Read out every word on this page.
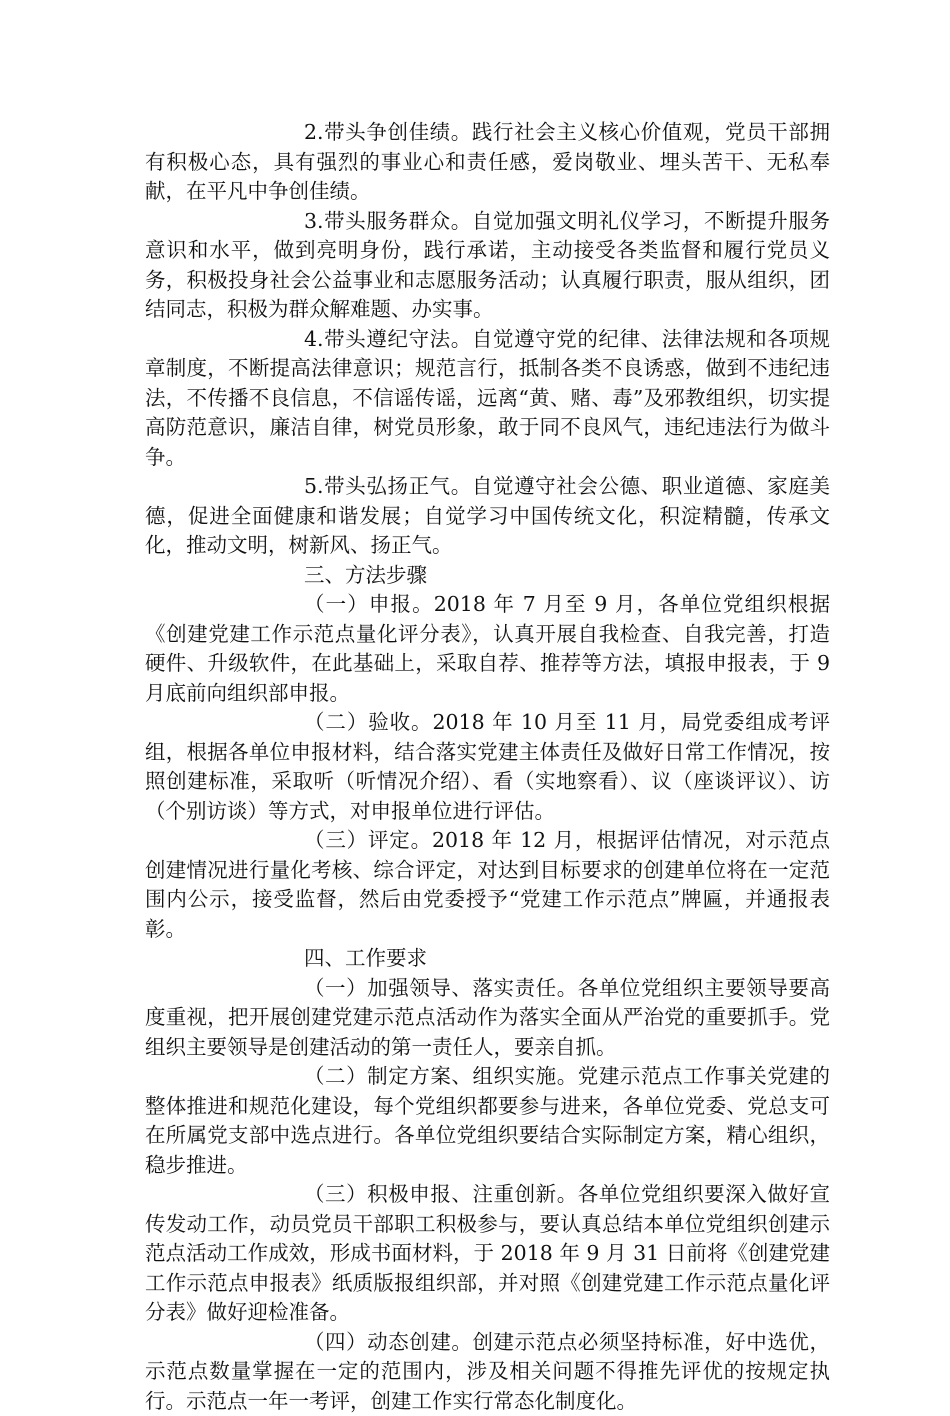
2.带头争创佳绩。践行社会主义核心价值观，党员干部拥有积极心态，具有强烈的事业心和责任感，爱岗敬业、埋头苦干、无私奉献，在平凡中争创佳绩。

3.带头服务群众。自觉加强文明礼仪学习，不断提升服务意识和水平，做到亮明身份，践行承诺，主动接受各类监督和履行党员义务，积极投身社会公益事业和志愿服务活动；认真履行职责，服从组织，团结同志，积极为群众解难题、办实事。

4.带头遵纪守法。自觉遵守党的纪律、法律法规和各项规章制度，不断提高法律意识；规范言行，抵制各类不良诱惑，做到不违纪违法，不传播不良信息，不信谣传谣，远离“黄、赌、毒”及邪教组织，切实提高防范意识，廉洁自律，树党员形象，敢于同不良风气，违纪违法行为做斗争。

5.带头弘扬正气。自觉遵守社会公德、职业道德、家庭美德，促进全面健康和谐发展；自觉学习中国传统文化，积淀精髓，传承文化，推动文明，树新风、扬正气。

三、方法步骤

（一）申报。2018 年 7 月至 9 月，各单位党组织根据《创建党建工作示范点量化评分表》，认真开展自我检查、自我完善，打造硬件、升级软件，在此基础上，采取自荐、推荐等方法，填报申报表，于 9 月底前向组织部申报。

（二）验收。2018 年 10 月至 11 月，局党委组成考评组，根据各单位申报材料，结合落实党建主体责任及做好日常工作情况，按照创建标准，采取听（听情况介绍）、看（实地察看）、议（座谈评议）、访（个别访谈）等方式，对申报单位进行评估。

（三）评定。2018 年 12 月，根据评估情况，对示范点创建情况进行量化考核、综合评定，对达到目标要求的创建单位将在一定范围内公示，接受监督，然后由党委授予“党建工作示范点”牌匾，并通报表彰。

四、工作要求

（一）加强领导、落实责任。各单位党组织主要领导要高度重视，把开展创建党建示范点活动作为落实全面从严治党的重要抓手。党组织主要领导是创建活动的第一责任人，要亲自抓。

（二）制定方案、组织实施。党建示范点工作事关党建的整体推进和规范化建设，每个党组织都要参与进来，各单位党委、党总支可在所属党支部中选点进行。各单位党组织要结合实际制定方案，精心组织，稳步推进。

（三）积极申报、注重创新。各单位党组织要深入做好宣传发动工作，动员党员干部职工积极参与，要认真总结本单位党组织创建示范点活动工作成效，形成书面材料，于 2018 年 9 月 31 日前将《创建党建工作示范点申报表》纸质版报组织部，并对照《创建党建工作示范点量化评分表》做好迎检准备。

（四）动态创建。创建示范点必须坚持标准，好中选优，示范点数量掌握在一定的范围内，涉及相关问题不得推先评优的按规定执行。示范点一年一考评，创建工作实行常态化制度化。
